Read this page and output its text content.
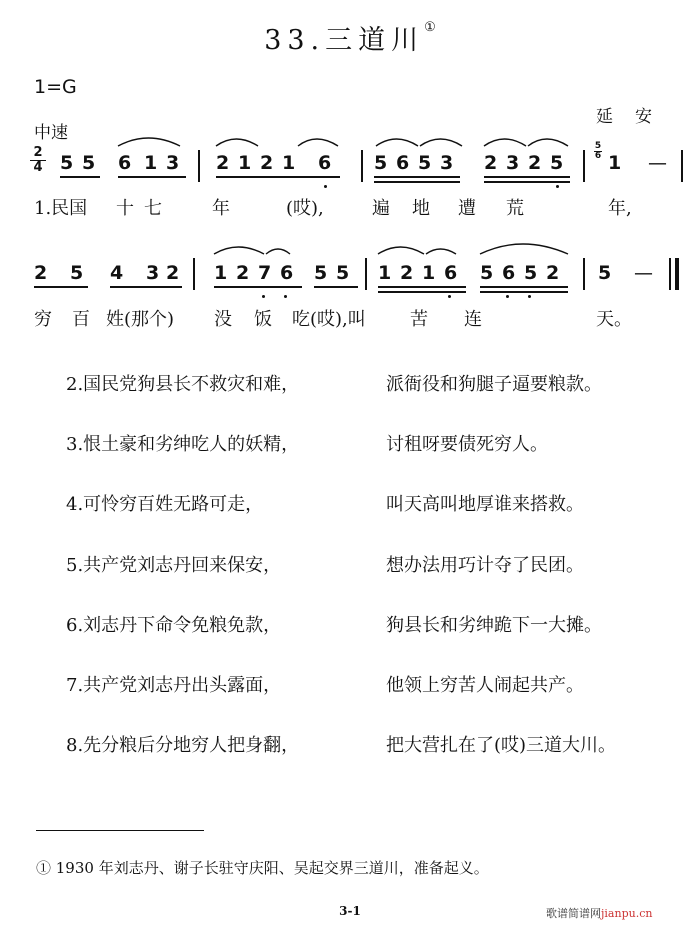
33.三道川①
1=G
中速
延安
2
4 5 5 6 1 3 2 1 2 1 6 5 6 5 3 2 3 2 5 1 —
2 5 4 3 2 1 2 7 6 5 5 1 2 1 6 5 6 5 2 5 —
5
6
1.民国 十七 年	(哎),	遍 地 遭 荒	年,
穷 百 姓(那个) 没 饭 吃(哎),叫 苦 连	天。
2.国民党狗县长不救灾和难，	派衙役和狗腿子逼要粮款。
3.恨土豪和劣绅吃人的妖精，	讨租呀要债死穷人。
4.可怜穷百姓无路可走，	叫天高叫地厚谁来搭救。
5.共产党刘志丹回来保安，	想办法用巧计夺了民团。
6.刘志丹下命令免粮免款，	狗县长和劣绅跪下一大摊。
7.共产党刘志丹出头露面，	他领上穷苦人闹起共产。
8.先分粮后分地穷人把身翻，	把大营扎在了(哎)三道大川。
① 1930 年刘志丹、谢子长驻守庆阳、吴起交界三道川，准备起义。
3-1	歌谱简谱网jianpu.cn
